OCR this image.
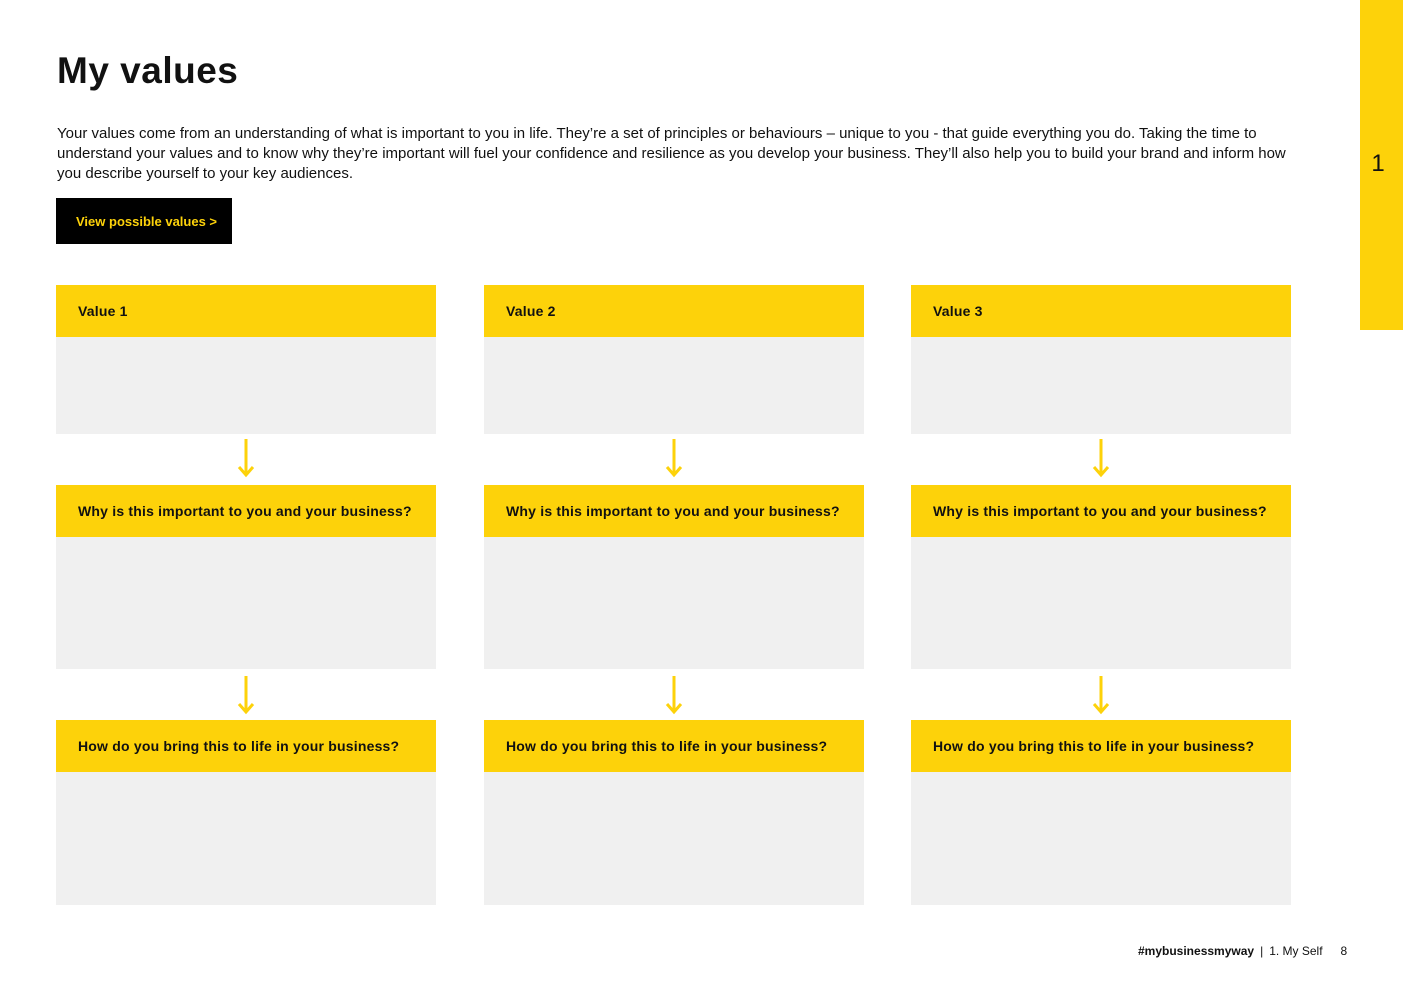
1
My values

Your values come from an understanding of what is important to you in life. They’re a set of principles or behaviours – unique to you - that guide everything you do. Taking the time to understand your values and to know why they’re important will fuel your confidence and resilience as you develop your business. They’ll also help you to build your brand and inform how you describe yourself to your key audiences.

View possible values >
Value 1
Why is this important to you and your business?
How do you bring this to life in your business?
Value 2
Why is this important to you and your business?
How do you bring this to life in your business?
Value 3
Why is this important to you and your business?
How do you bring this to life in your business?
#mybusinessmyway | 1. My Self 8
